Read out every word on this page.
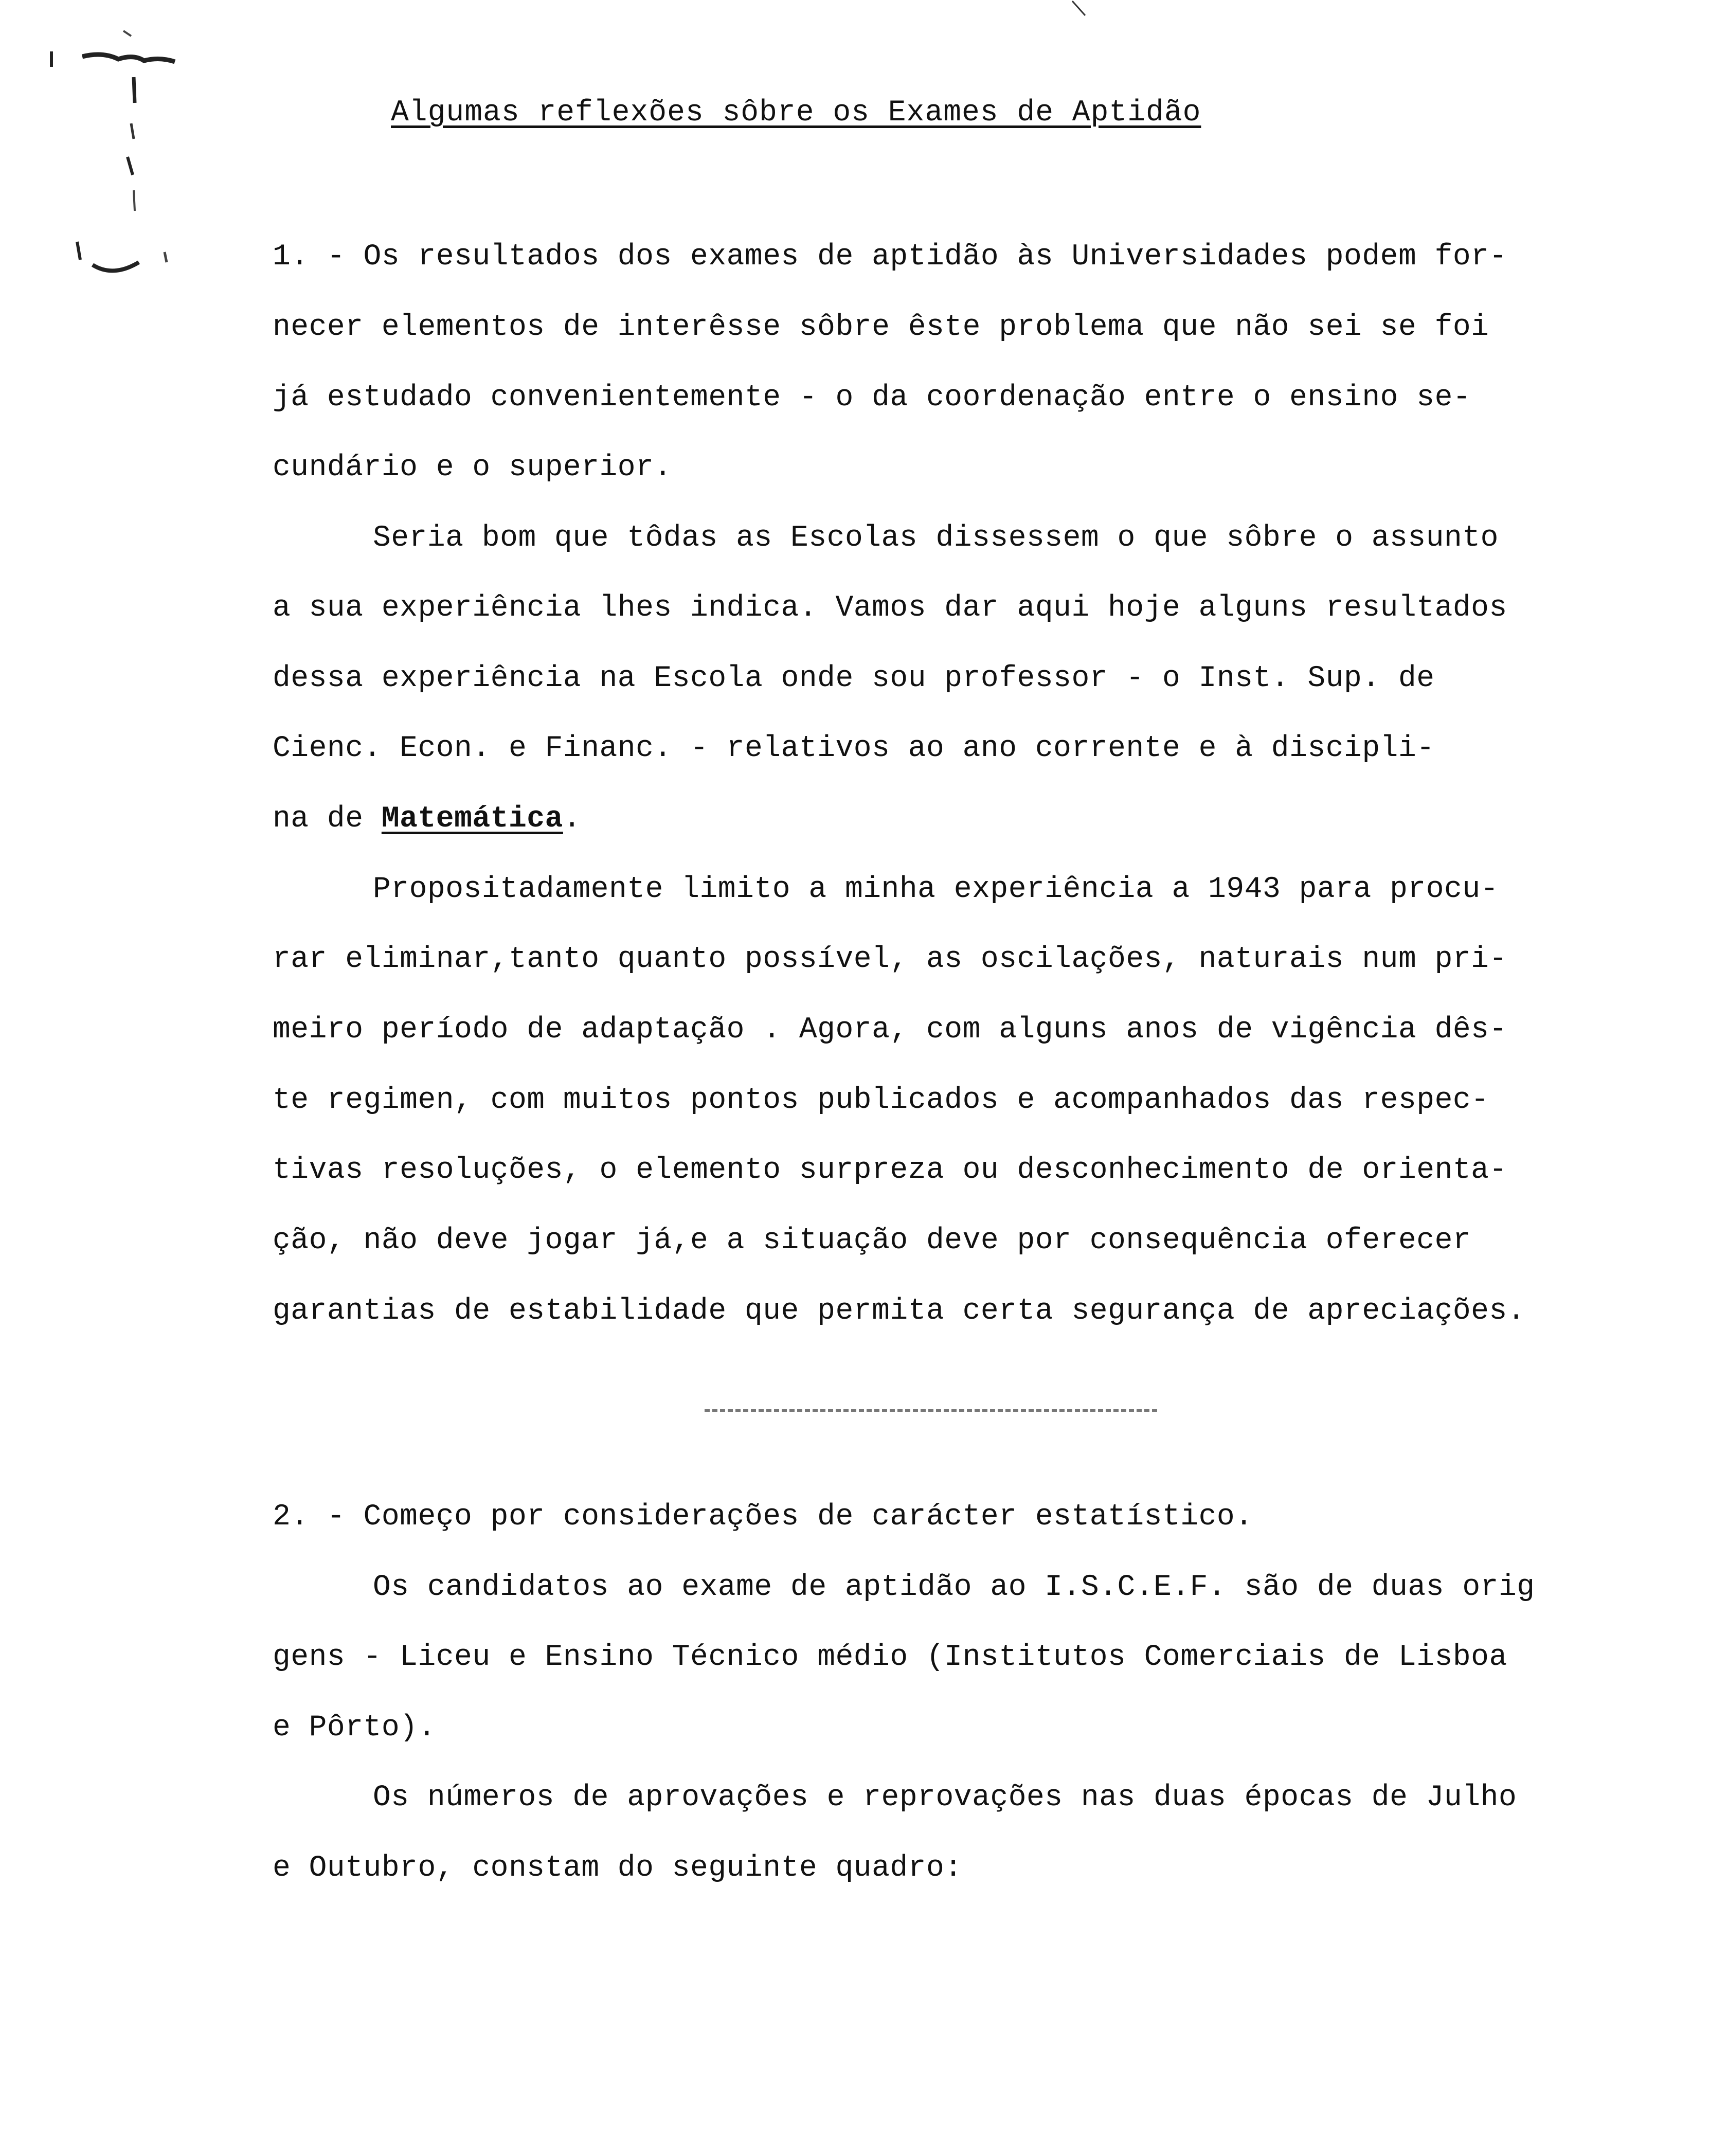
Algumas reflexões sôbre os Exames de Aptidão
1. - Os resultados dos exames de aptidão às Universidades podem for-
necer elementos de interêsse sôbre êste problema que não sei se foi
já estudado convenientemente - o da coordenação entre o ensino se-
cundário e o superior.
Seria bom que tôdas as Escolas dissessem o que sôbre o assunto
a sua experiência lhes indica. Vamos dar aqui hoje alguns resultados
dessa experiência na Escola onde sou professor - o Inst. Sup. de
Cienc. Econ. e Financ. - relativos ao ano corrente e à discipli-
na de Matemática.
Propositadamente limito a minha experiência a 1943 para procu-
rar eliminar,tanto quanto possível, as oscilações, naturais num pri-
meiro período de adaptação . Agora, com alguns anos de vigência dês-
te regimen, com muitos pontos publicados e acompanhados das respec-
tivas resoluções, o elemento surpreza ou desconhecimento de orienta-
ção, não deve jogar já,e a situação deve por consequência oferecer
garantias de estabilidade que permita certa segurança de apreciações.
2. - Começo por considerações de carácter estatístico.
Os candidatos ao exame de aptidão ao I.S.C.E.F. são de duas orig
gens - Liceu e Ensino Técnico médio (Institutos Comerciais de Lisboa
e Pôrto).
Os números de aprovações e reprovações nas duas épocas de Julho
e Outubro, constam do seguinte quadro:
